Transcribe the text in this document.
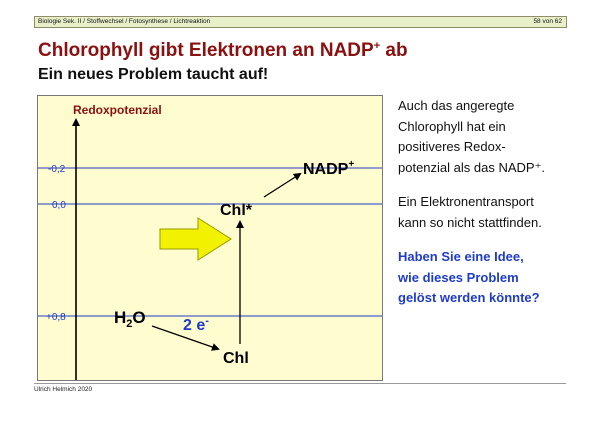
Biologie Sek. II / Stoffwechsel / Fotosynthese / Lichtreaktion	58 von 62
Chlorophyll gibt Elektronen an NADP+ ab
Ein neues Problem taucht auf!
Redoxpotenzial
-0,2
0,0
+0,8
NADP+
Chl*
Chl
$H_2O$ 2 e-

Auch das angeregte
Chlorophyll hat ein
positiveres Redox-
potenzial als das NADP⁺.

Ein Elektronentransport
kann so nicht stattfinden.

Haben Sie eine Idee,
wie dieses Problem
gelöst werden könnte?

Ulrich Helmich 2020
